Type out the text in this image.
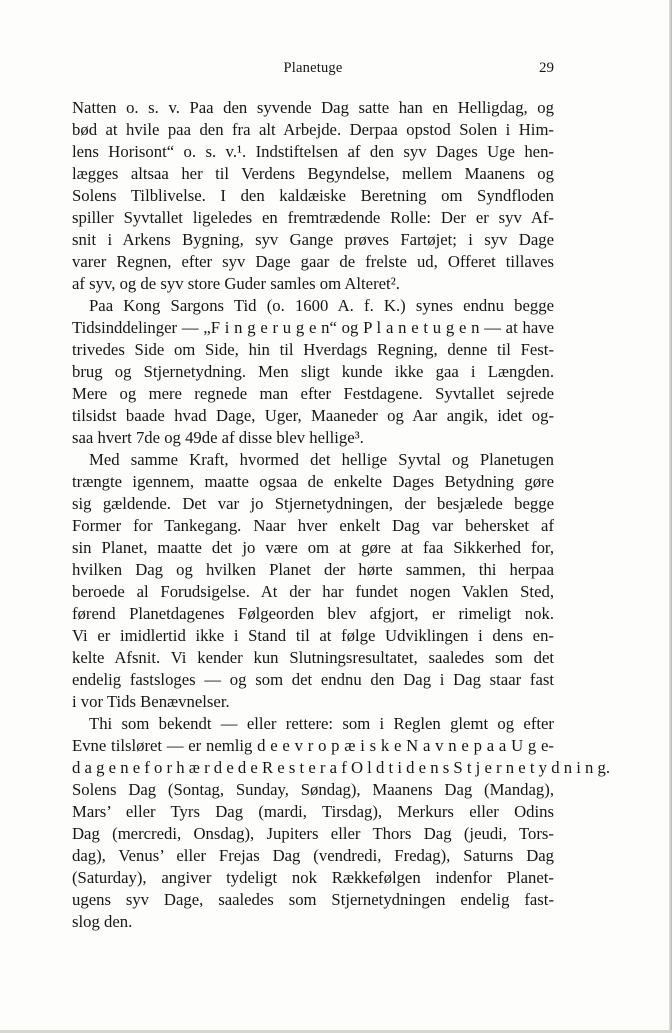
Planetuge	29
Natten o. s. v. Paa den syvende Dag satte han en Helligdag, og
bød at hvile paa den fra alt Arbejde. Derpaa opstod Solen i Him-
lens Horisont“ o. s. v.¹. Indstiftelsen af den syv Dages Uge hen-
lægges altsaa her til Verdens Begyndelse, mellem Maanens og
Solens Tilblivelse. I den kaldæiske Beretning om Syndfloden
spiller Syvtallet ligeledes en fremtrædende Rolle: Der er syv Af-
snit i Arkens Bygning, syv Gange prøves Fartøjet; i syv Dage
varer Regnen, efter syv Dage gaar de frelste ud, Offeret tillaves
af syv, og de syv store Guder samles om Alteret².
Paa Kong Sargons Tid (o. 1600 A. f. K.) synes endnu begge
Tidsinddelinger — „F i n g e r u g e n“ og P l a n e t u g e n — at have
trivedes Side om Side, hin til Hverdags Regning, denne til Fest-
brug og Stjernetydning. Men sligt kunde ikke gaa i Længden.
Mere og mere regnede man efter Festdagene. Syvtallet sejrede
tilsidst baade hvad Dage, Uger, Maaneder og Aar angik, idet og-
saa hvert 7de og 49de af disse blev hellige³.
Med samme Kraft, hvormed det hellige Syvtal og Planetugen
trængte igennem, maatte ogsaa de enkelte Dages Betydning gøre
sig gældende. Det var jo Stjernetydningen, der besjælede begge
Former for Tankegang. Naar hver enkelt Dag var behersket af
sin Planet, maatte det jo være om at gøre at faa Sikkerhed for,
hvilken Dag og hvilken Planet der hørte sammen, thi herpaa
beroede al Forudsigelse. At der har fundet nogen Vaklen Sted,
førend Planetdagenes Følgeorden blev afgjort, er rimeligt nok.
Vi er imidlertid ikke i Stand til at følge Udviklingen i dens en-
kelte Afsnit. Vi kender kun Slutningsresultatet, saaledes som det
endelig fastsloges — og som det endnu den Dag i Dag staar fast
i vor Tids Benævnelser.
Thi som bekendt — eller rettere: som i Reglen glemt og efter
Evne tilsløret — er nemlig d e e v r o p æ i s k e N a v n e p a a U g e-
d a g e n e f o r h æ r d e d e R e s t e r a f O l d t i d e n s S t j e r n e t y d n i n g.
Solens Dag (Sontag, Sunday, Søndag), Maanens Dag (Mandag),
Mars’ eller Tyrs Dag (mardi, Tirsdag), Merkurs eller Odins
Dag (mercredi, Onsdag), Jupiters eller Thors Dag (jeudi, Tors-
dag), Venus’ eller Frejas Dag (vendredi, Fredag), Saturns Dag
(Saturday), angiver tydeligt nok Rækkefølgen indenfor Planet-
ugens syv Dage, saaledes som Stjernetydningen endelig fast-
slog den.
